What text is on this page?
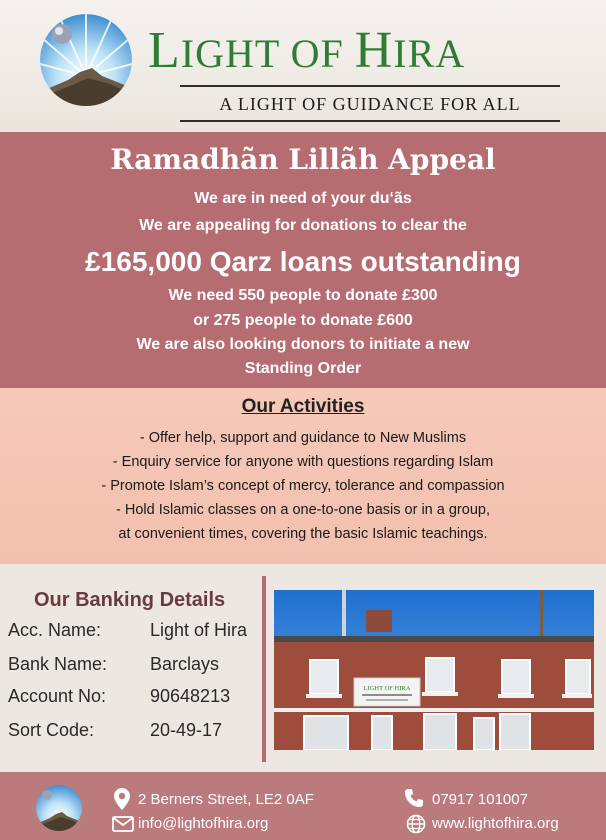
LIGHT OF HIRA
A LIGHT OF GUIDANCE FOR ALL
Ramadhãn Lillãh Appeal
We are in need of your du‘ãs
We are appealing for donations to clear the
£165,000 Qarz loans outstanding
We need 550 people to donate £300
or 275 people to donate £600
We are also looking donors to initiate a new
Standing Order
Our Activities
- Offer help, support and guidance to New Muslims
- Enquiry service for anyone with questions regarding Islam
- Promote Islam’s concept of mercy, tolerance and compassion
- Hold Islamic classes on a one-to-one basis or in a group,
at convenient times, covering the basic Islamic teachings.
Our Banking Details
Acc. Name:	Light of Hira
Bank Name: Barclays
Account No: 90648213
Sort Code:	20-49-17
LIGHT OF HIRA
2 Berners Street, LE2 0AF	07917 101007
info@lightofhira.org	www.lightofhira.org
